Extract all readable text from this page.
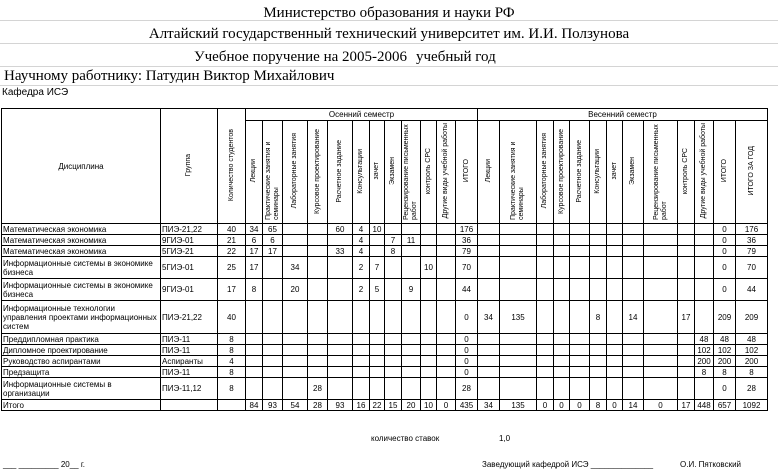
Министерство образования и науки РФ
Алтайский государственный технический университет им. И.И. Ползунова
Учебное поручение на 2005-2006 учебный год
Научному работнику: Патудин Виктор Михайлович
Кафедра ИСЭ
Дисциплина	Группа	Количество студентов	Осенний семестр												Весенний семестр												
			Лекции	Практические занятия и семинары	Лабораторные занятия	Курсовое проектирование	Расчетное задание	Консультации	зачет	Экзамен	Рецензирование письменных работ	контроль СРС	Другие виды учебной работы	ИТОГО	Лекции	Практические занятия и семинары	Лабораторные занятия	Курсовое проектирование	Расчетное задание	Консультации	зачет	Экзамен	Рецензирование письменных работ	контроль СРС	Другие виды учебной работы	ИТОГО	ИТОГО ЗА ГОД
Математическая экономика	ПИЭ-21,22	40	34	65			60	4	10					176												0	176
Математическая экономика	9ГИЭ-01	21	6	6				4		7	11			36												0	36
Математическая экономика	5ГИЭ-21	22	17	17			33	4		8				79												0	79
Информационные системы в экономике бизнеса	5ГИЭ-01	25	17		34			2	7			10		70												0	70
Информационные системы в экономике бизнеса	9ГИЭ-01	17	8		20			2	5		9			44												0	44
Информационные технологии управления проектами информационных систем	ПИЭ-21,22	40												0	34	135				8		14		17		209	209
Преддипломная практика	ПИЭ-11	8												0											48	48	48
Дипломное проектирование	ПИЭ-11	8												0											102	102	102
Руководство аспирантами	Аспиранты	4												0											200	200	200
Предзащита	ПИЭ-11	8												0											8	8	8
Информационные системы в организации	ПИЭ-11,12	8				28								28												0	28
Итого			84	93	54	28	93	16	22	15	20	10	0	435	34	135	0	0	0	8	0	14	0	17	448	657	1092
количество ставок	1,0
___ _________ 20__ г.	Заведующий кафедрой ИСЭ ______________	О.И. Пятковский
